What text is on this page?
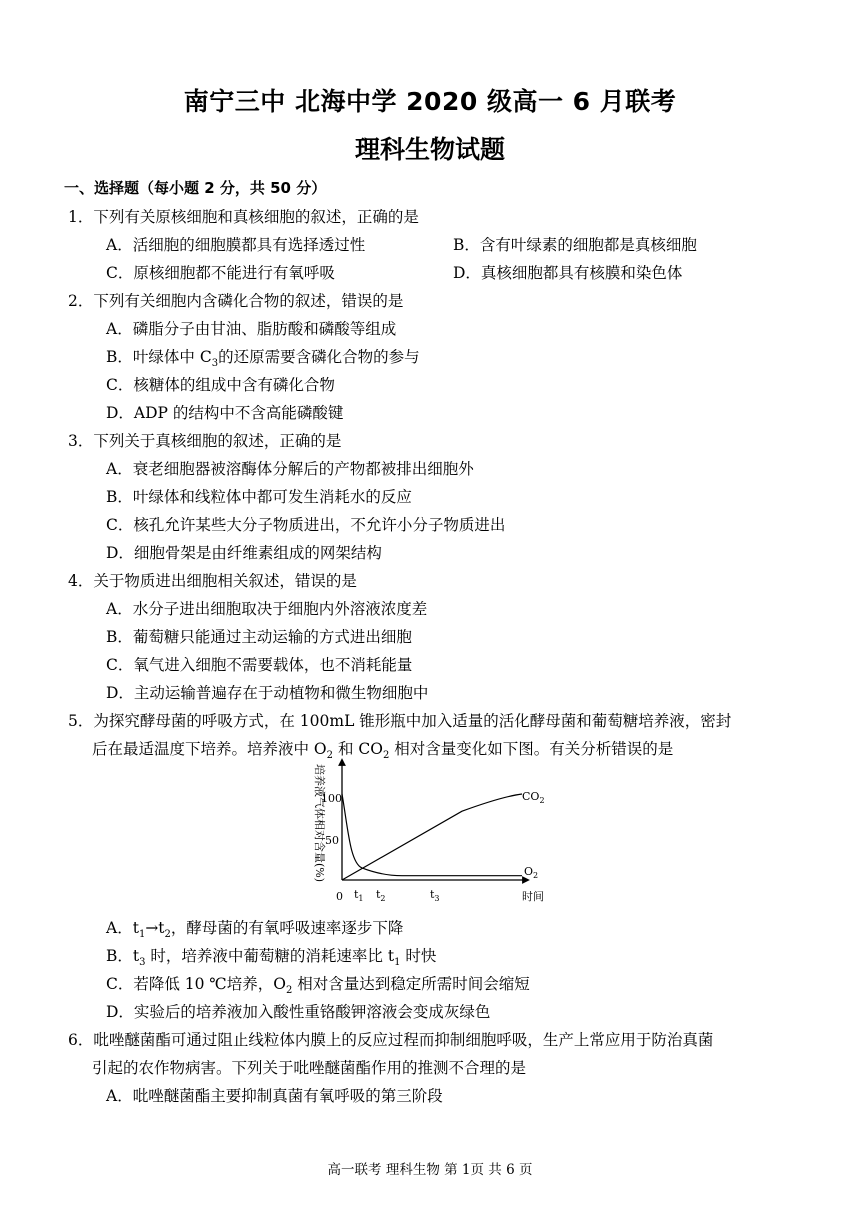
南宁三中 北海中学 2020 级高一 6 月联考
理科生物试题
一、选择题（每小题 2 分，共 50 分）
1．下列有关原核细胞和真核细胞的叙述，正确的是
A．活细胞的细胞膜都具有选择透过性	B．含有叶绿素的细胞都是真核细胞
C．原核细胞都不能进行有氧呼吸	D．真核细胞都具有核膜和染色体
2．下列有关细胞内含磷化合物的叙述，错误的是
A．磷脂分子由甘油、脂肪酸和磷酸等组成
B．叶绿体中 $C_3$的还原需要含磷化合物的参与
C．核糖体的组成中含有磷化合物
D．ADP 的结构中不含高能磷酸键
3．下列关于真核细胞的叙述，正确的是
A．衰老细胞器被溶酶体分解后的产物都被排出细胞外
B．叶绿体和线粒体中都可发生消耗水的反应
C．核孔允许某些大分子物质进出，不允许小分子物质进出
D．细胞骨架是由纤维素组成的网架结构
4．关于物质进出细胞相关叙述，错误的是
A．水分子进出细胞取决于细胞内外溶液浓度差
B．葡萄糖只能通过主动运输的方式进出细胞
C．氧气进入细胞不需要载体，也不消耗能量
D．主动运输普遍存在于动植物和微生物细胞中
5．为探究酵母菌的呼吸方式，在 100mL 锥形瓶中加入适量的活化酵母菌和葡萄糖培养液，密封
后在最适温度下培养。培养液中 $O_2$ 和 $CO_2$ 相对含量变化如下图。有关分析错误的是
培养液气体相对含量(%)
100
50
0	时间
$CO_2$
$O_2$
$t_1$ $t_2$	$t_3$
A．$t_1\to t_2$，酵母菌的有氧呼吸速率逐步下降
B．$t_3$ 时，培养液中葡萄糖的消耗速率比 $t_1$ 时快
C．若降低 10 ℃培养，$O_2$ 相对含量达到稳定所需时间会缩短
D．实验后的培养液加入酸性重铬酸钾溶液会变成灰绿色
6．吡唑醚菌酯可通过阻止线粒体内膜上的反应过程而抑制细胞呼吸，生产上常应用于防治真菌
引起的农作物病害。下列关于吡唑醚菌酯作用的推测不合理的是
A．吡唑醚菌酯主要抑制真菌有氧呼吸的第三阶段
高一联考 理科生物 第 1页 共 6 页
